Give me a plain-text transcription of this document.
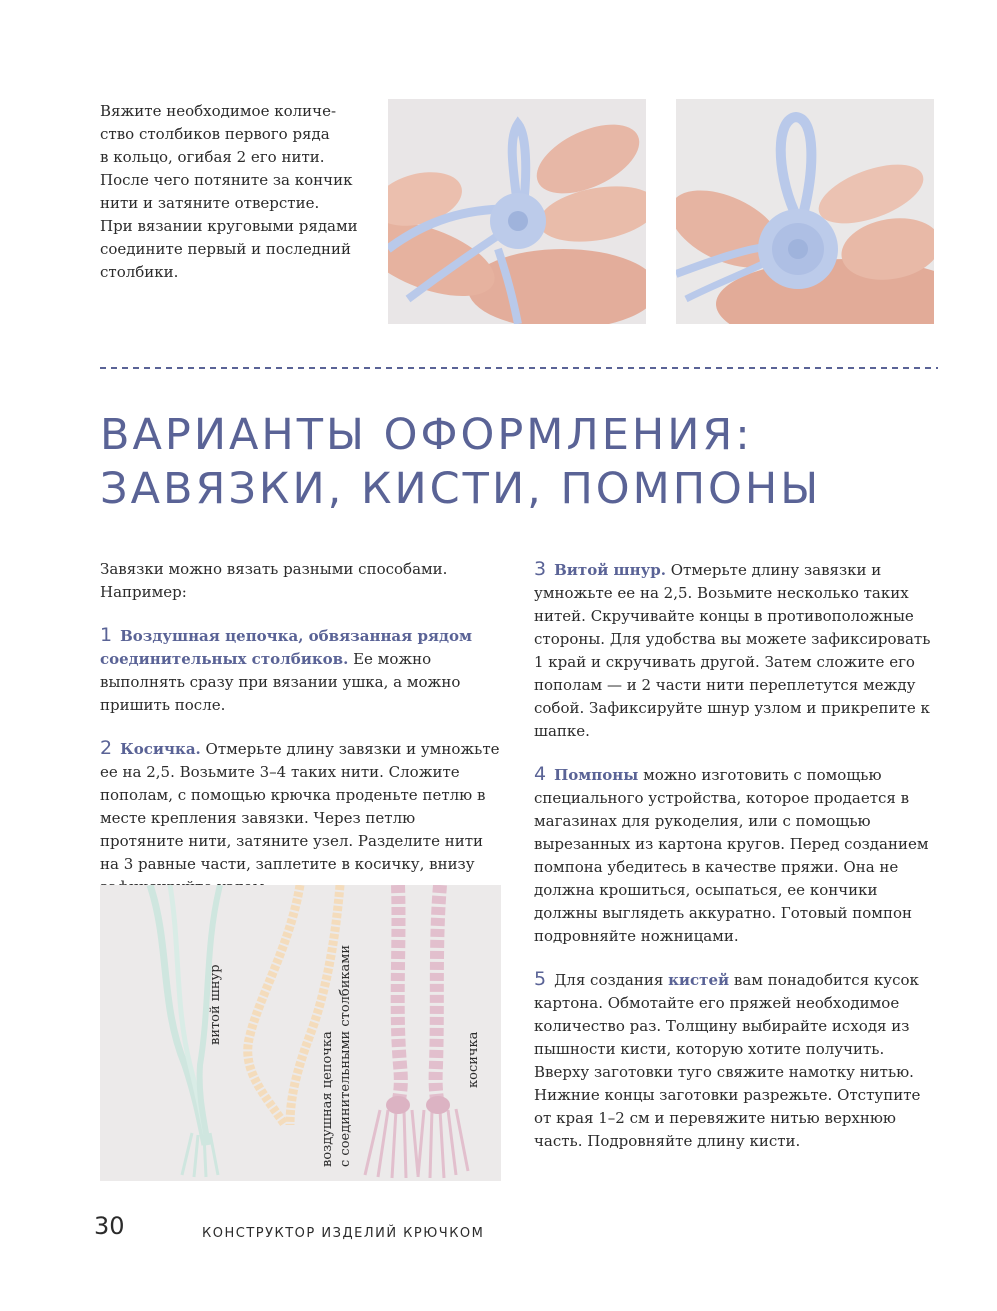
Вяжите необходимое количе-
ство столбиков первого ряда
в кольцо, огибая 2 его нити.
После чего потяните за кончик
нити и затяните отверстие.
При вязании круговыми рядами
соедините первый и последний
столбики.

ВАРИАНТЫ ОФОРМЛЕНИЯ:
ЗАВЯЗКИ, КИСТИ, ПОМПОНЫ

Завязки можно вязать разными способами. Например:

1 Воздушная цепочка, обвязанная рядом соединительных столбиков. Ее можно выполнять сразу при вязании ушка, а можно пришить после.

2 Косичка. Отмерьте длину завязки и умножьте ее на 2,5. Возьмите 3–4 таких нити. Сложите пополам, с помощью крючка проденьте петлю в месте крепления завязки. Через петлю протяните нити, затяните узел. Разделите нити на 3 равные части, заплетите в косичку, внизу

3 Витой шнур. Отмерьте длину завязки и умножьте ее на 2,5. Возьмите несколько таких нитей. Скручивайте концы в противоположные стороны. Для удобства вы можете зафиксировать 1 край и скручивать другой. Затем сложите его пополам — и 2 части нити переплетутся между собой. Зафиксируйте шнур узлом и прикрепите к шапке.

4 Помпоны можно изготовить с помощью специального устройства, которое продается в магазинах для рукоделия, или с помощью вырезанных из картона кругов. Перед созданием помпона убедитесь в качестве пряжи. Она не должна крошиться, осыпаться, ее кончики должны выглядеть аккуратно. Готовый помпон подровняйте ножницами.

5 Для создания кистей вам понадобится кусок картона. Обмотайте его пряжей необходимое количество раз. Толщину выбирайте исходя из пышности кисти, которую хотите получить. Вверху заготовки туго свяжите намотку нитью. Нижние концы заготовки разрежьте. Отступите от края 1–2 см и перевяжите нитью верхнюю часть. Подровняйте длину кисти.

витой шнур
воздушная цепочка с соединительными столбиками	косичка
30	КОНСТРУКТОР ИЗДЕЛИЙ КРЮЧКОМ
